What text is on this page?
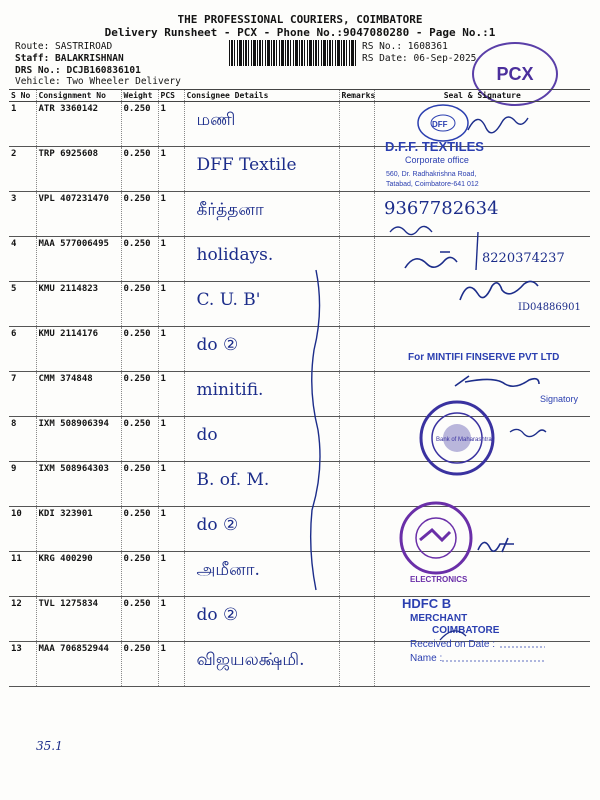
THE PROFESSIONAL COURIERS, COIMBATORE
Delivery Runsheet - PCX - Phone No.:9047080280 - Page No.:1
Route: SASTRIROAD
Staff: BALAKRISHNAN
DRS No.: DCJB160836101
Vehicle: Two Wheeler Delivery
RS No.: 1608361
RS Date: 06-Sep-2025
PCX
S No	Consignment No	Weight	PCS	Consignee Details	Remarks	Seal & Signature
1	ATR 3360142	0.250	1	மணி		

2	TRP 6925608	0.250	1	DFF Textile		

3	VPL 407231470	0.250	1	கீர்த்தனா		

4	MAA 577006495	0.250	1	holidays.		

5	KMU 2114823	0.250	1	C. U. B'		

6	KMU 2114176	0.250	1	do ②		

7	CMM 374848	0.250	1	minitifi.		

8	IXM 508906394	0.250	1	do		

9	IXM 508964303	0.250	1	B. of. M.		

10	KDI 323901	0.250	1	do ②		

11	KRG 400290	0.250	1	அமீனா.		

12	TVL 1275834	0.250	1	do ②		

13	MAA 706852944	0.250	1	விஜயலக்ஷ்மி.		

DFF
D.F.F. TEXTILES
Corporate office
560, Dr. Radhakrishna Road,
Tatabad, Coimbatore-641 012
9367782634
8220374237
ID04886901
For MINTIFI FINSERVE PVT LTD
Signatory
Bank of Maharashtra
ELECTRONICS
HDFC B
MERCHANT
COIMBATORE
Received on Date :
Name :
35.1
